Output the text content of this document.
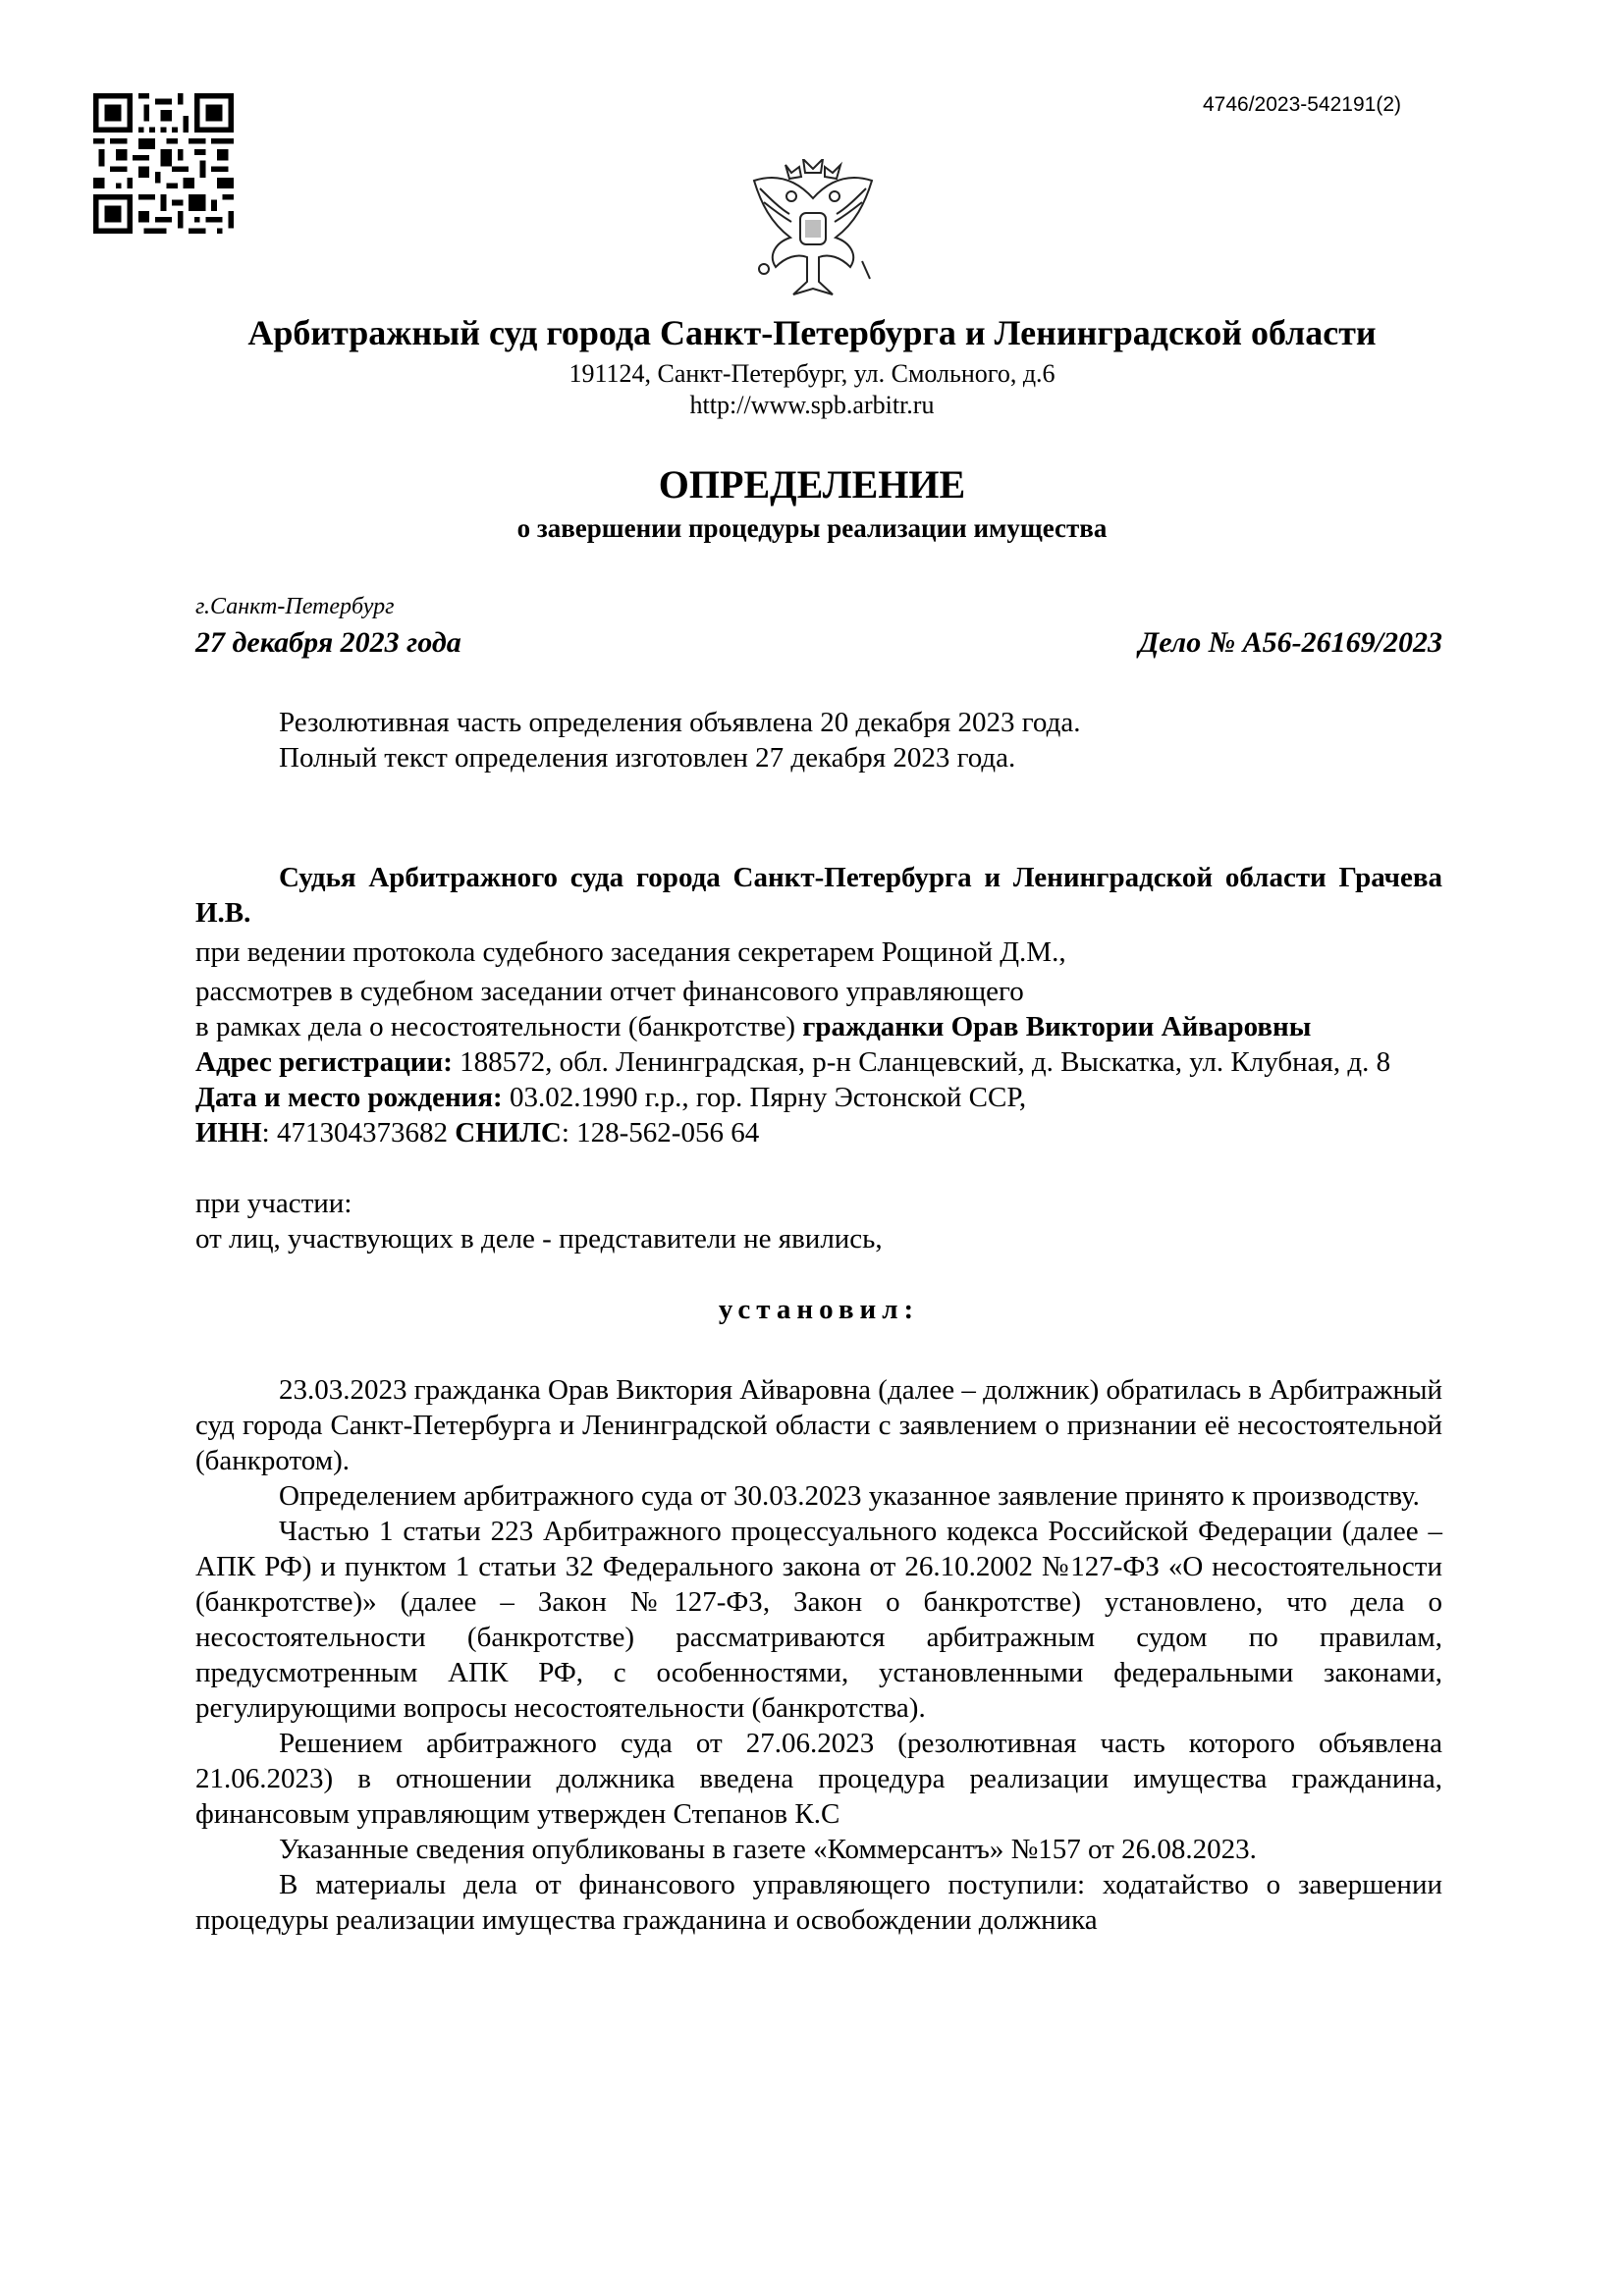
4746/2023-542191(2)
Арбитражный суд города Санкт-Петербурга и Ленинградской области
191124, Санкт-Петербург, ул. Смольного, д.6
http://www.spb.arbitr.ru
ОПРЕДЕЛЕНИЕ
о завершении процедуры реализации имущества
г.Санкт-Петербург
27 декабря 2023 года	Дело № А56-26169/2023

Резолютивная часть определения объявлена 20 декабря 2023 года.

Полный текст определения изготовлен 27 декабря 2023 года.

Судья Арбитражного суда города Санкт-Петербурга и Ленинградской области Грачева И.В.

при ведении протокола судебного заседания секретарем Рощиной Д.М.,

рассмотрев в судебном заседании отчет финансового управляющего

в рамках дела о несостоятельности (банкротстве) гражданки Орав Виктории Айваровны

Адрес регистрации: 188572, обл. Ленинградская, р-н Сланцевский, д. Выскатка, ул. Клубная, д. 8

Дата и место рождения: 03.02.1990 г.р., гор. Пярну Эстонской ССР,

ИНН: 471304373682 СНИЛС: 128-562-056 64

при участии:

от лиц, участвующих в деле - представители не явились,

установил:

23.03.2023 гражданка Орав Виктория Айваровна (далее – должник) обратилась в Арбитражный суд города Санкт-Петербурга и Ленинградской области с заявлением о признании её несостоятельной (банкротом).

Определением арбитражного суда от 30.03.2023 указанное заявление принято к производству.

Частью 1 статьи 223 Арбитражного процессуального кодекса Российской Федерации (далее – АПК РФ) и пунктом 1 статьи 32 Федерального закона от 26.10.2002 №127-ФЗ «О несостоятельности (банкротстве)» (далее – Закон №127-ФЗ, Закон о банкротстве) установлено, что дела о несостоятельности (банкротстве) рассматриваются арбитражным судом по правилам, предусмотренным АПК РФ, с особенностями, установленными федеральными законами, регулирующими вопросы несостоятельности (банкротства).

Решением арбитражного суда от 27.06.2023 (резолютивная часть которого объявлена 21.06.2023) в отношении должника введена процедура реализации имущества гражданина, финансовым управляющим утвержден Степанов К.С

Указанные сведения опубликованы в газете «Коммерсантъ» №157 от 26.08.2023.

В материалы дела от финансового управляющего поступили: ходатайство о завершении процедуры реализации имущества гражданина и освобождении должника
